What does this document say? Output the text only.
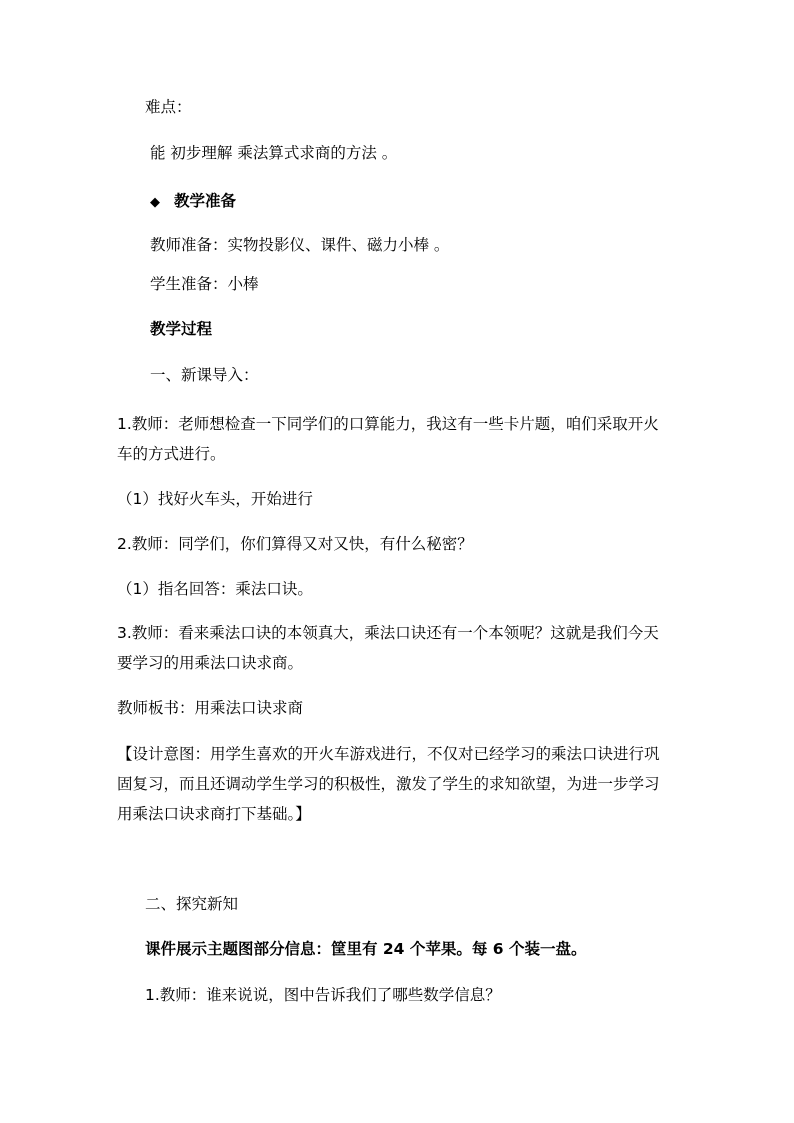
难点：
能 初步理解 乘法算式求商的方法 。
◆ 教学准备
教师准备：实物投影仪、课件、磁力小棒 。
学生准备：小棒
教学过程
一、新课导入：
1.教师：老师想检查一下同学们的口算能力，我这有一些卡片题，咱们采取开火
车的方式进行。
（1）找好火车头，开始进行
2.教师：同学们，你们算得又对又快，有什么秘密？
（1）指名回答：乘法口诀。
3.教师：看来乘法口诀的本领真大，乘法口诀还有一个本领呢？这就是我们今天
要学习的用乘法口诀求商。
教师板书：用乘法口诀求商
【设计意图：用学生喜欢的开火车游戏进行，不仅对已经学习的乘法口诀进行巩
固复习，而且还调动学生学习的积极性，激发了学生的求知欲望，为进一步学习
用乘法口诀求商打下基础。】
二、探究新知
课件展示主题图部分信息：筐里有 24 个苹果。每 6 个装一盘。
1.教师：谁来说说，图中告诉我们了哪些数学信息？
